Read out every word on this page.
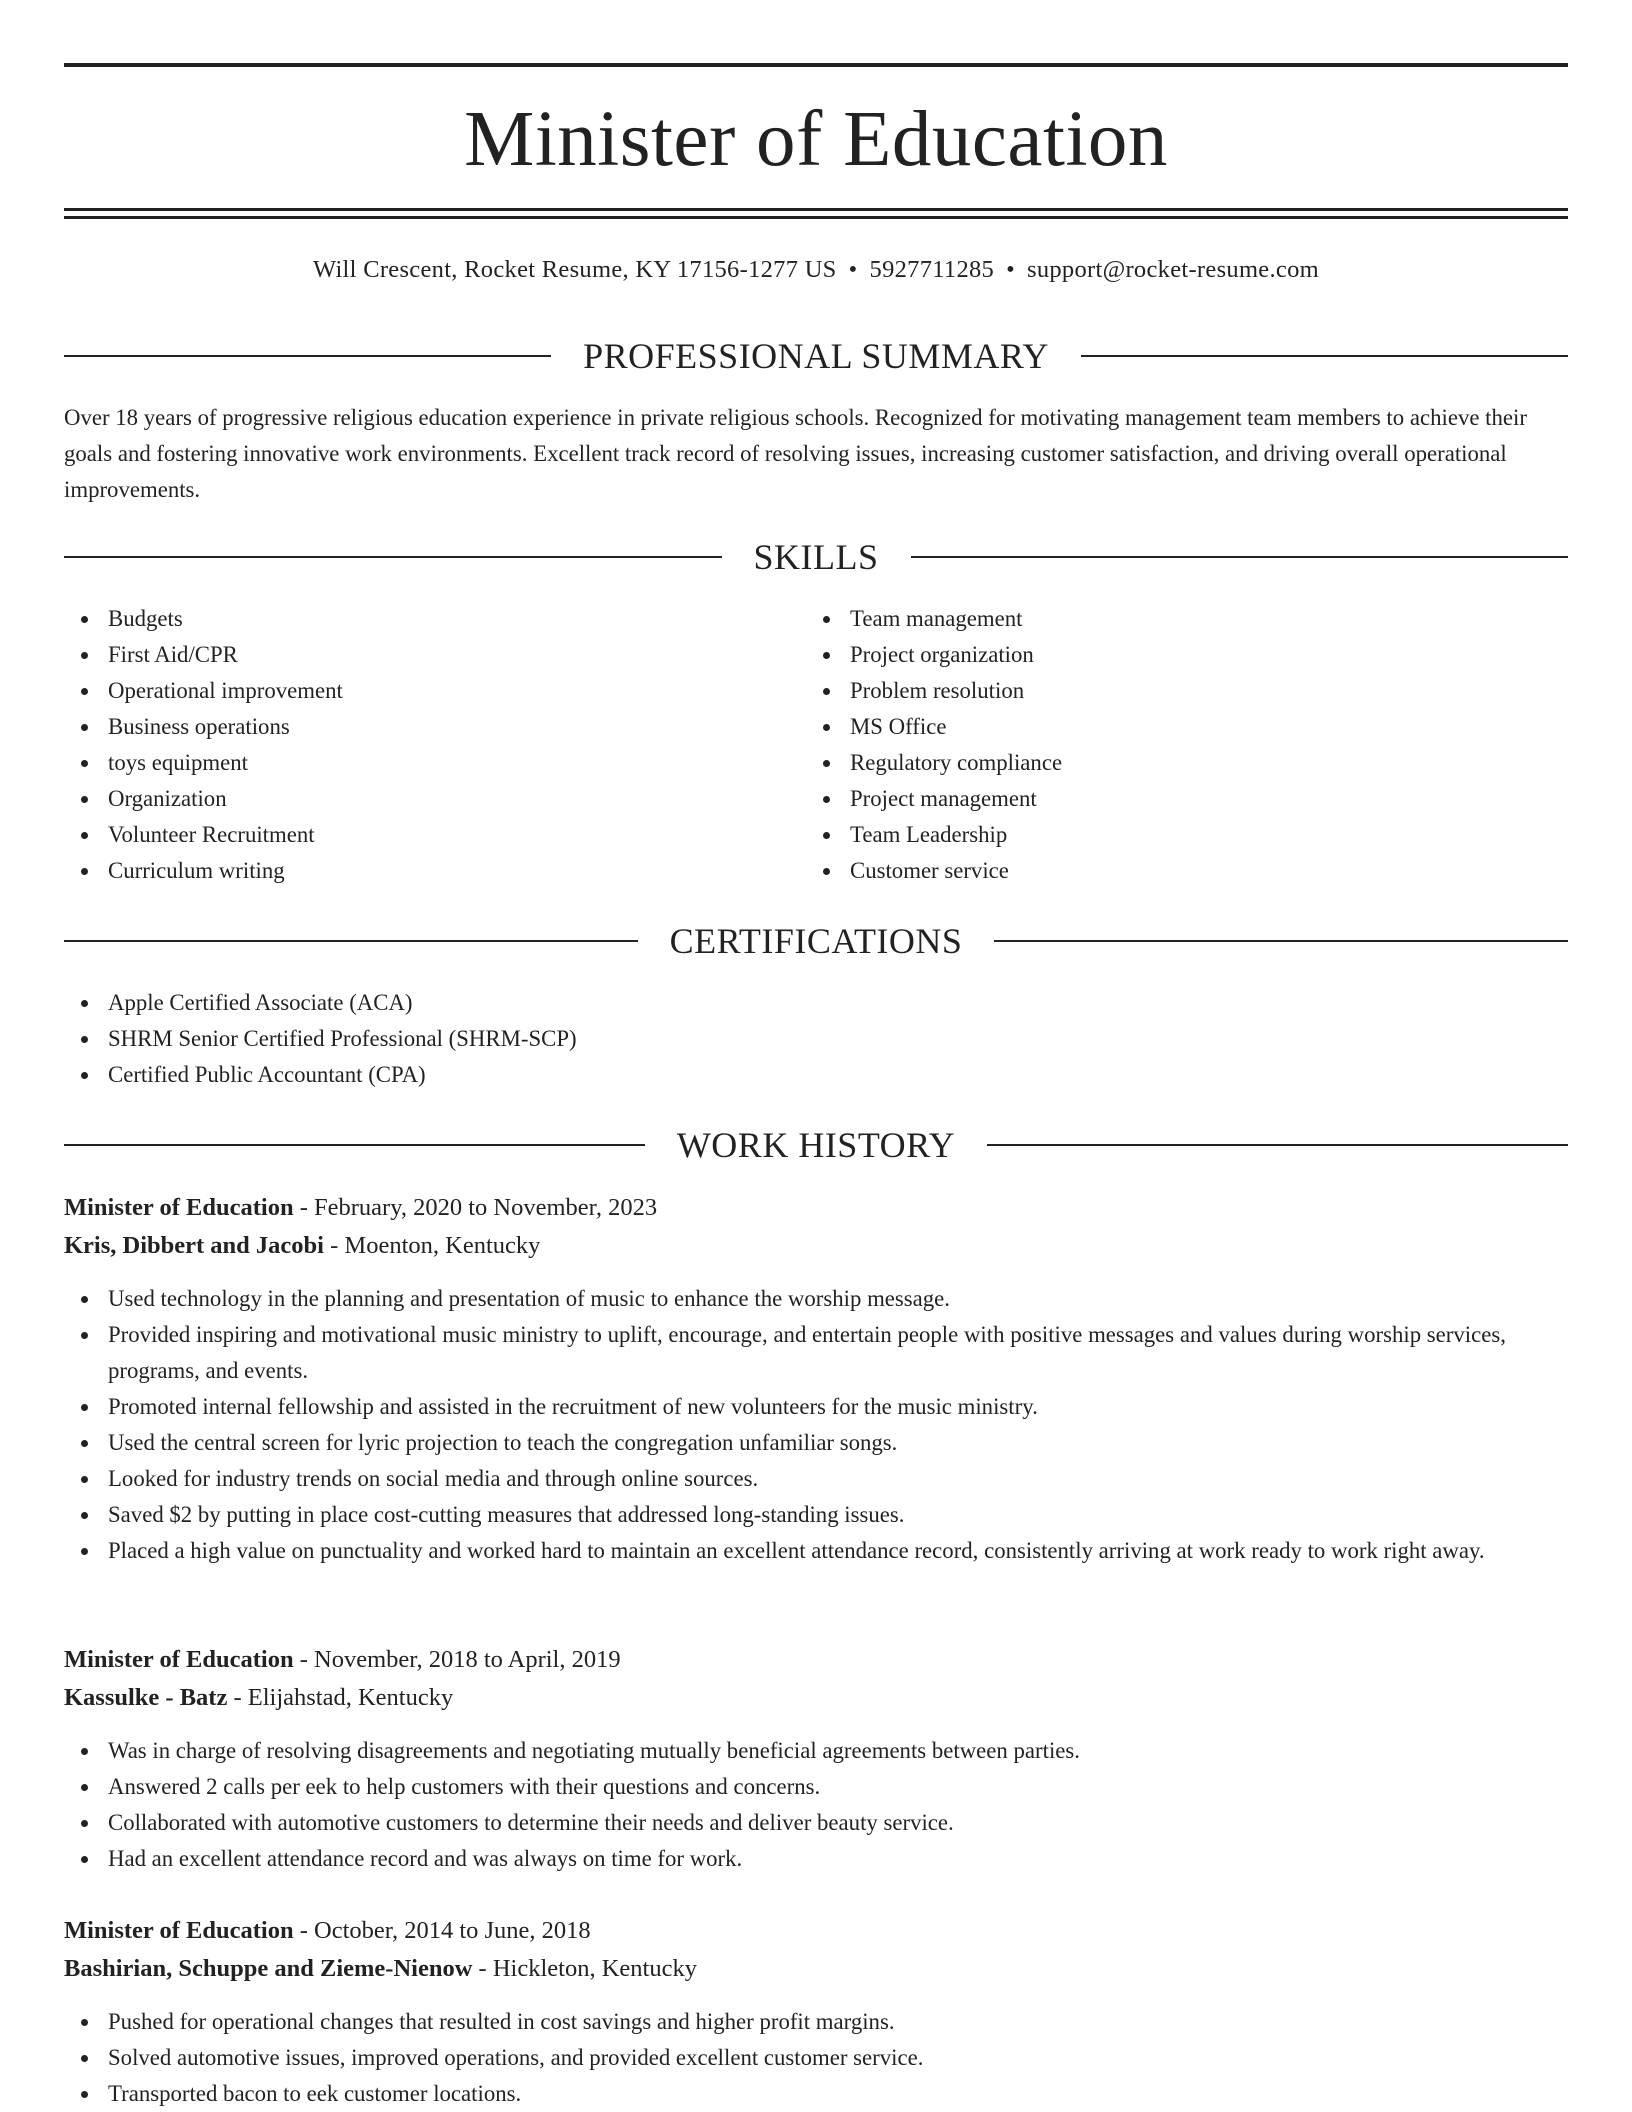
Minister of Education
Will Crescent, Rocket Resume, KY 17156-1277 US • 5927711285 • support@rocket-resume.com
PROFESSIONAL SUMMARY

Over 18 years of progressive religious education experience in private religious schools. Recognized for motivating management team members to achieve their goals and fostering innovative work environments. Excellent track record of resolving issues, increasing customer satisfaction, and driving overall operational improvements.

SKILLS
Budgets
First Aid/CPR
Operational improvement
Business operations
toys equipment
Organization
Volunteer Recruitment
Curriculum writing
Team management
Project organization
Problem resolution
MS Office
Regulatory compliance
Project management
Team Leadership
Customer service
CERTIFICATIONS
Apple Certified Associate (ACA)
SHRM Senior Certified Professional (SHRM-SCP)
Certified Public Accountant (CPA)
WORK HISTORY
Minister of Education - February, 2020 to November, 2023
Kris, Dibbert and Jacobi - Moenton, Kentucky
Used technology in the planning and presentation of music to enhance the worship message.
Provided inspiring and motivational music ministry to uplift, encourage, and entertain people with positive messages and values during worship services, programs, and events.
Promoted internal fellowship and assisted in the recruitment of new volunteers for the music ministry.
Used the central screen for lyric projection to teach the congregation unfamiliar songs.
Looked for industry trends on social media and through online sources.
Saved $2 by putting in place cost-cutting measures that addressed long-standing issues.
Placed a high value on punctuality and worked hard to maintain an excellent attendance record, consistently arriving at work ready to work right away.
Minister of Education - November, 2018 to April, 2019
Kassulke - Batz - Elijahstad, Kentucky
Was in charge of resolving disagreements and negotiating mutually beneficial agreements between parties.
Answered 2 calls per eek to help customers with their questions and concerns.
Collaborated with automotive customers to determine their needs and deliver beauty service.
Had an excellent attendance record and was always on time for work.
Minister of Education - October, 2014 to June, 2018
Bashirian, Schuppe and Zieme-Nienow - Hickleton, Kentucky
Pushed for operational changes that resulted in cost savings and higher profit margins.
Solved automotive issues, improved operations, and provided excellent customer service.
Transported bacon to eek customer locations.
